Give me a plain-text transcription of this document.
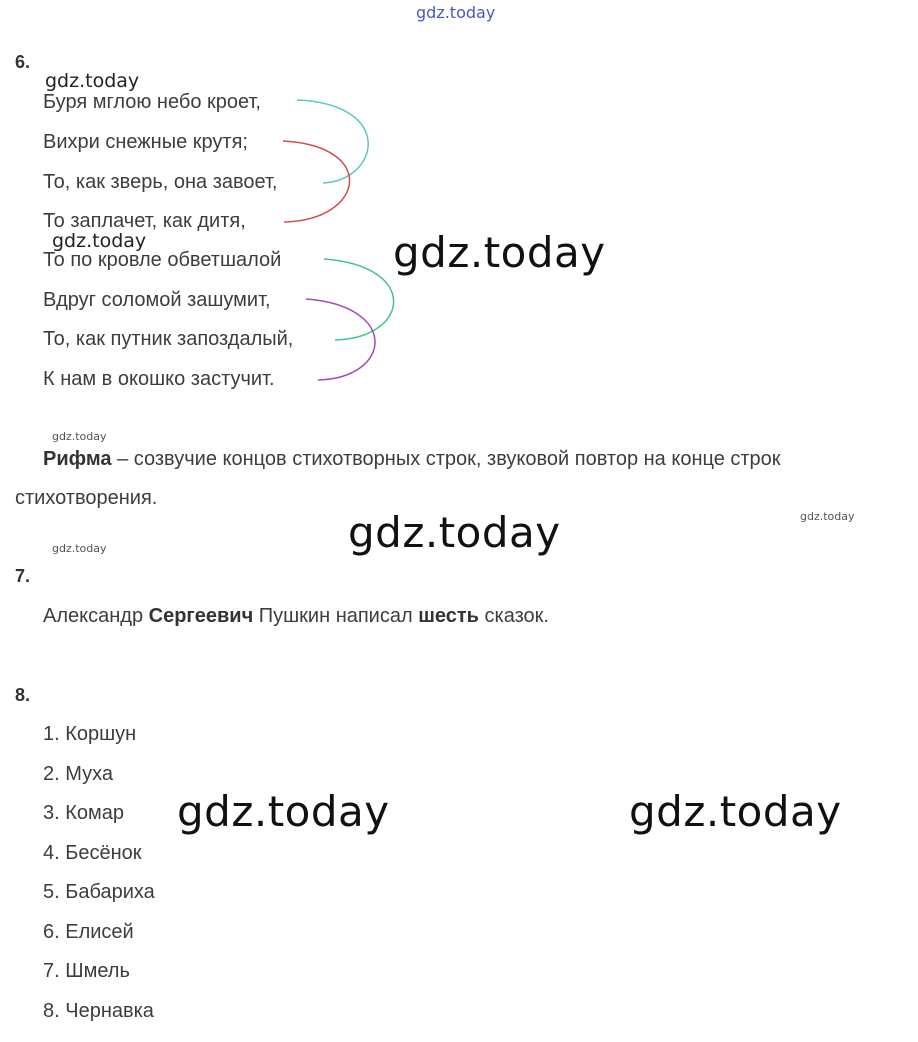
gdz.today
6.
gdz.today
Буря мглою небо кроет,
Вихри снежные крутя;
То, как зверь, она завоет,
То заплачет, как дитя,
gdz.today
То по кровле обветшалой
Вдруг соломой зашумит,
То, как путник запоздалый,
К нам в окошко застучит.
gdz.today
gdz.today
Рифма – созвучие концов стихотворных строк, звуковой повтор на конце строк
стихотворения.
gdz.today
gdz.today
gdz.today
7.
Александр Сергеевич Пушкин написал шесть сказок.
8.
1. Коршун
2. Муха
3. Комар
4. Бесёнок
5. Бабариха
6. Елисей
7. Шмель
8. Чернавка
gdz.today	gdz.today
